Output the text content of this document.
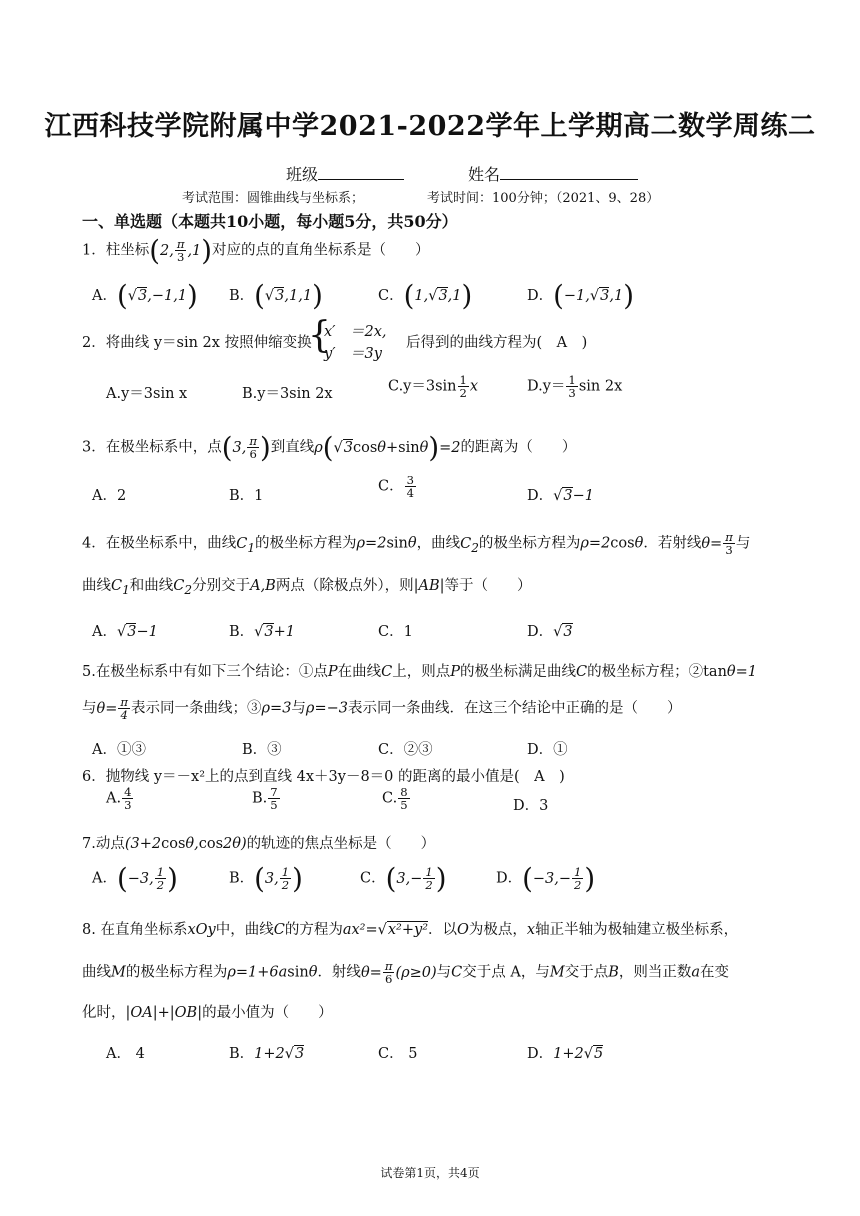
江西科技学院附属中学2021-2022学年上学期高二数学周练二
班级	姓名
考试范围：圆锥曲线与坐标系；	考试时间：100分钟；（2021、9、28）
一、单选题（本题共10小题，每小题5分，共50分）
1．柱坐标(2, $\frac{\pi}{3} ,1$)对应的点的直角坐标系是（　　）
A．(√3,−1,1) B．(√3,1,1)	C．(1,√3,1)	D．(−1,√3,1)
2．将曲线 y＝sin 2x 按照伸缩变换
{
x′　＝2x,
y′　＝3y
后得到的曲线方程为(　A　)
A.y＝3sin x	B.y＝3sin 2x	$C.y=3\sin \frac{1}{2}$ x	$D.y= \frac{1}{3}$ sin 2x
3．在极坐标系中，点(3, $\frac{\pi}{6}$ )到直线ρ(√3cosθ+sinθ)=2的距离为（　　）
A．2	B．1
C． $\frac{3}{4}$	D．√3−1
4．在极坐标系中，曲线$C_1$的极坐标方程为ρ=2sinθ，曲线$C_2$的极坐标方程为ρ=2cosθ．若射线$\theta= \frac{\pi}{3}$ 与
曲线$C_1$和曲线$C_2$分别交于A,B两点（除极点外），则|AB|等于（　　）
A．√3−1	B．√3+1	C．1	D．√3
5.在极坐标系中有如下三个结论：①点P在曲线C上，则点P的极坐标满足曲线C的极坐标方程；②tanθ=1
与$\theta= \frac{\pi}{4}$ 表示同一条曲线；③ρ=3与ρ=−3表示同一条曲线．在这三个结论中正确的是（　　）
A．①③	B．③	C．②③	D．①
6．抛物线 y＝－x²上的点到直线 4x＋3y－8＝0 的距离的最小值是(　A　)
A. $\frac{4}{3}$	B. $\frac{7}{5}$	C. $\frac{8}{5}$	D．3
7.动点(3+2cosθ,cos2θ)的轨迹的焦点坐标是（　　）
A．(−3, $\frac{1}{2}$ )	B．(3, $\frac{1}{2}$ )	C．($3,- \frac{1}{2}$ )	D．($-3,- \frac{1}{2}$ )
8. 在直角坐标系xOy中，曲线C的方程为ax²=√x²+y²．以O为极点，x轴正半轴为极轴建立极坐标系，
曲线M的极坐标方程为ρ=1+6asinθ．射线$\theta= \frac{\pi}{6} (\rho\ge 0)$与C交于点 A，与M交于点B，则当正数a在变
化时，|OA|+|OB|的最小值为（　　）
A． 4	B．1+2√3	C． 5	D．1+2√5
试卷第1页，共4页
